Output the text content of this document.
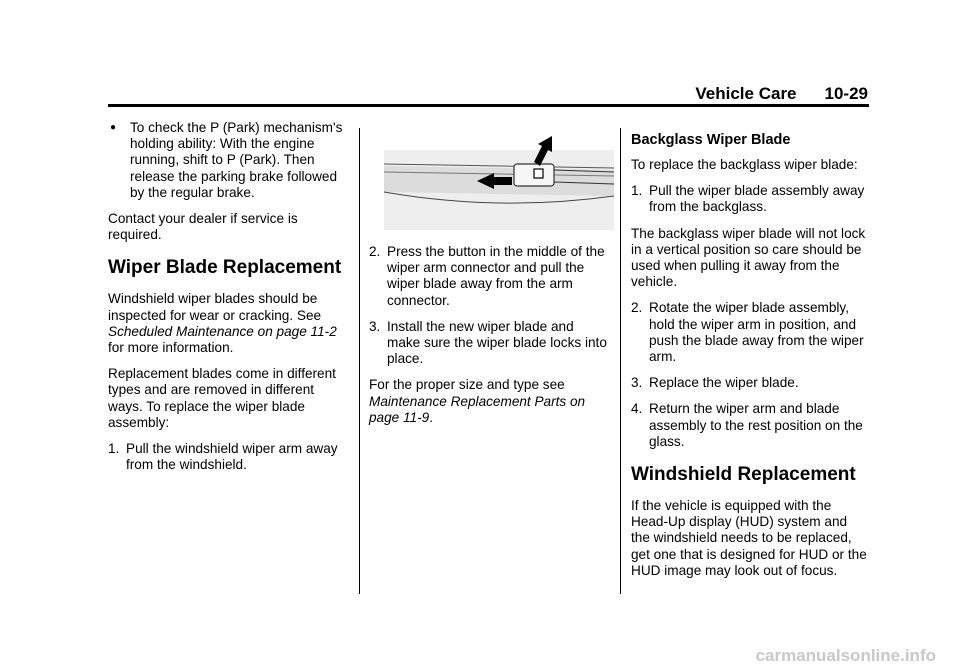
Vehicle Care 10-29
●	To check the P (Park) mechanism's holding ability: With the engine running, shift to P (Park). Then release the parking brake followed by the regular brake.

Contact your dealer if service is required.

Wiper Blade Replacement

Windshield wiper blades should be inspected for wear or cracking. See Scheduled Maintenance on page 11-2 for more information.

Replacement blades come in different types and are removed in different ways. To replace the wiper blade assembly:

1. Pull the windshield wiper arm away from the windshield.
2. Press the button in the middle of the wiper arm connector and pull the wiper blade away from the arm connector.
3. Install the new wiper blade and make sure the wiper blade locks into place.

For the proper size and type see Maintenance Replacement Parts on page 11-9.

Backglass Wiper Blade

To replace the backglass wiper blade:

1. Pull the wiper blade assembly away from the backglass.

The backglass wiper blade will not lock in a vertical position so care should be used when pulling it away from the vehicle.

2. Rotate the wiper blade assembly, hold the wiper arm in position, and push the blade away from the wiper arm.
3. Replace the wiper blade.
4. Return the wiper arm and blade assembly to the rest position on the glass.
Windshield Replacement

If the vehicle is equipped with the Head-Up display (HUD) system and the windshield needs to be replaced, get one that is designed for HUD or the HUD image may look out of focus.

carmanualsonline.info
